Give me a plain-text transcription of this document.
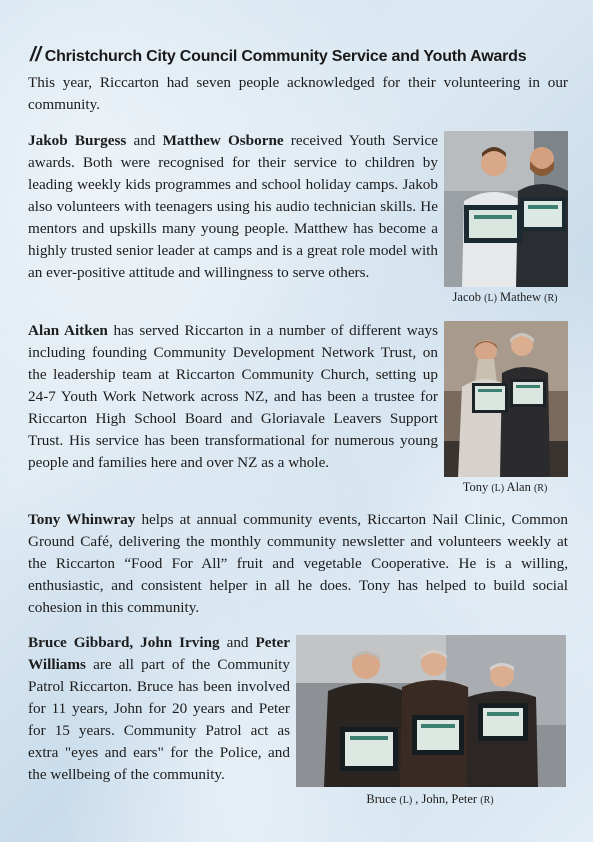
// Christchurch City Council Community Service and Youth Awards

This year, Riccarton had seven people acknowledged for their volunteering in our community.

Jakob Burgess and Matthew Osborne received Youth Service awards. Both were recognised for their service to children by leading weekly kids programmes and school holiday camps. Jakob also volunteers with teenagers using his audio technician skills. He mentors and upskills many young people. Matthew has become a highly trusted senior leader at camps and is a great role model with an ever-positive attitude and willingness to serve others.

Jacob (L) Mathew (R)

Alan Aitken has served Riccarton in a number of different ways including founding Community Development Network Trust, on the leadership team at Riccarton Community Church, setting up 24-7 Youth Work Network across NZ, and has been a trustee for Riccarton High School Board and Gloriavale Leavers Support Trust. His service has been transformational for numerous young people and families here and over NZ as a whole.

Tony (L) Alan (R)

Tony Whinwray helps at annual community events, Riccarton Nail Clinic, Common Ground Café, delivering the monthly community newsletter and volunteers weekly at the Riccarton “Food For All” fruit and vegetable Cooperative. He is a willing, enthusiastic, and consistent helper in all he does. Tony has helped to build social cohesion in this community.

Bruce Gibbard, John Irving and Peter Williams are all part of the Community Patrol Riccarton. Bruce has been involved for 11 years, John for 20 years and Peter for 15 years. Community Patrol act as extra "eyes and ears" for the Police, and the wellbeing of the community.

Bruce (L) , John, Peter (R)
